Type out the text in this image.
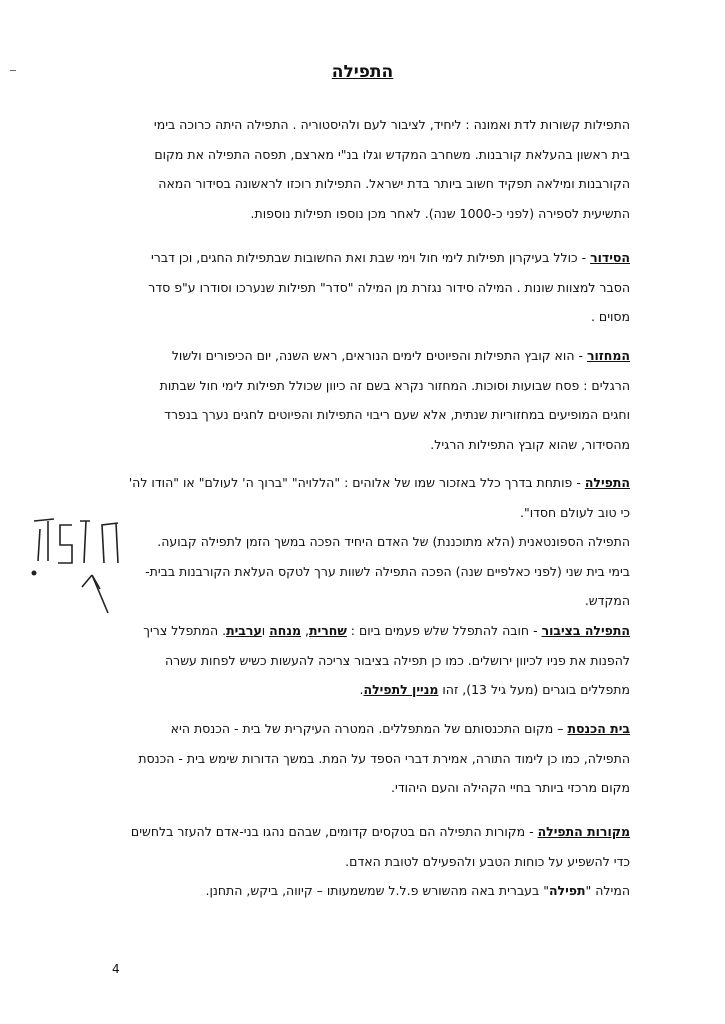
התפילה
התפילות קשורות לדת ואמונה : ליחיד, לציבור לעם ולהיסטוריה . התפילה היתה כרוכה בימי
בית ראשון בהעלאת קורבנות. משחרב המקדש וגלו בנ"י מארצם, תפסה התפילה את מקום
הקורבנות ומילאה תפקיד חשוב ביותר בדת ישראל. התפילות רוכזו לראשונה בסידור המאה
התשיעית לספירה (לפני כ-1000 שנה). לאחר מכן נוספו תפילות נוספות.
הסידור - כולל בעיקרון תפילות לימי חול וימי שבת ואת החשובות שבתפילות החגים, וכן דברי
הסבר למצוות שונות . המילה סידור נגזרת מן המילה "סדר" תפילות שנערכו וסודרו ע"פ סדר
מסוים .
המחזור - הוא קובץ התפילות והפיוטים לימים הנוראים, ראש השנה, יום הכיפורים ולשול
הרגלים : פסח שבועות וסוכות. המחזור נקרא בשם זה כיוון שכולל תפילות לימי חול שבתות
וחגים המופיעים במחזוריות שנתית, אלא שעם ריבוי התפילות והפיוטים לחגים נערך בנפרד
מהסידור, שהוא קובץ התפילות הרגיל.
התפילה - פותחת בדרך כלל באזכור שמו של אלוהים : "הללויה" "ברוך ה' לעולם" או "הודו לה'
כי טוב לעולם חסדו".
התפילה הספונטאנית (הלא מתוכננת) של האדם היחיד הפכה במשך הזמן לתפילה קבועה.
בימי בית שני (לפני כאלפיים שנה) הפכה התפילה לשוות ערך לטקס העלאת הקורבנות בבית-
המקדש.
התפילה בציבור - חובה להתפלל שלש פעמים ביום : שחרית, מנחה וערבית. המתפלל צריך
להפנות את פניו לכיוון ירושלים. כמו כן תפילה בציבור צריכה להעשות כשיש לפחות עשרה
מתפללים בוגרים (מעל גיל 13), זהו מניין לתפילה.
בית הכנסת – מקום התכנסותם של המתפללים. המטרה העיקרית של בית - הכנסת היא
התפילה, כמו כן לימוד התורה, אמירת דברי הספד על המת. במשך הדורות שימש בית - הכנסת
מקום מרכזי ביותר בחיי הקהילה והעם היהודי.
מקורות התפילה - מקורות התפילה הם בטקסים קדומים, שבהם נהגו בני-אדם להעזר בלחשים
כדי להשפיע על כוחות הטבע ולהפעילם לטובת האדם.
המילה "תפילה" בעברית באה מהשורש פ.ל.ל שמשמעותו – קיווה, ביקש, התחנן.
4
